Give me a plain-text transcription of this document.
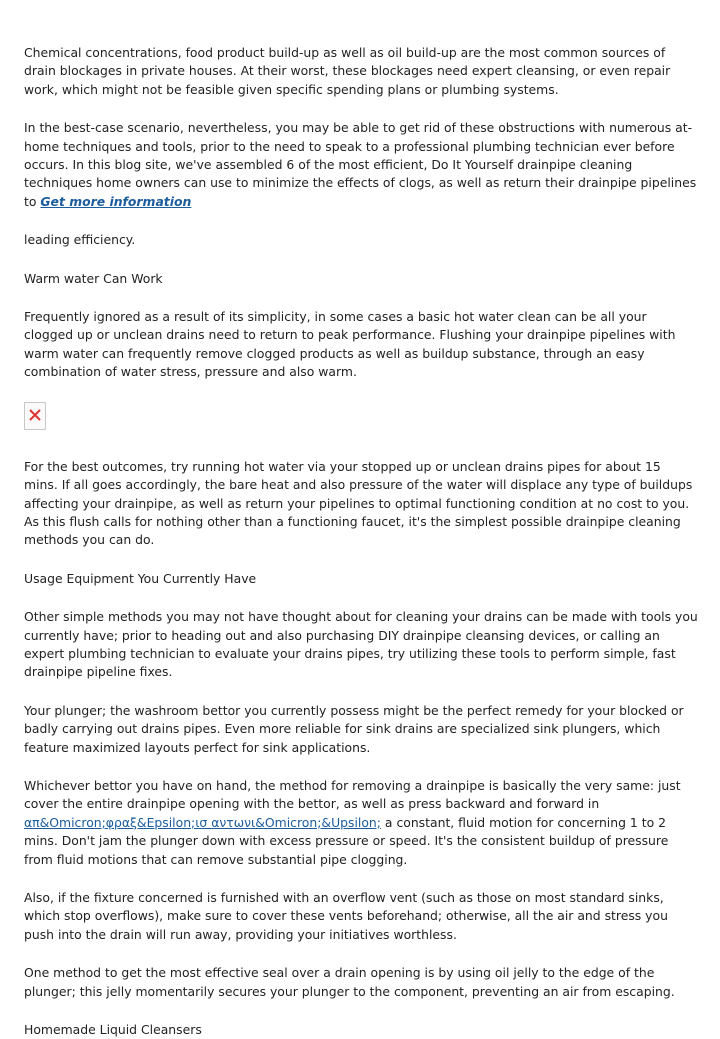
Chemical concentrations, food product build-up as well as oil build-up are the most common sources of drain blockages in private houses. At their worst, these blockages need expert cleansing, or even repair work, which might not be feasible given specific spending plans or plumbing systems.

In the best-case scenario, nevertheless, you may be able to get rid of these obstructions with numerous at-home techniques and tools, prior to the need to speak to a professional plumbing technician ever before occurs. In this blog site, we've assembled 6 of the most efficient, Do It Yourself drainpipe cleaning techniques home owners can use to minimize the effects of clogs, as well as return their drainpipe pipelines to Get more information

leading efficiency.

Warm water Can Work

Frequently ignored as a result of its simplicity, in some cases a basic hot water clean can be all your clogged up or unclean drains need to return to peak performance. Flushing your drainpipe pipelines with warm water can frequently remove clogged products as well as buildup substance, through an easy combination of water stress, pressure and also warm.

For the best outcomes, try running hot water via your stopped up or unclean drains pipes for about 15 mins. If all goes accordingly, the bare heat and also pressure of the water will displace any type of buildups affecting your drainpipe, as well as return your pipelines to optimal functioning condition at no cost to you. As this flush calls for nothing other than a functioning faucet, it's the simplest possible drainpipe cleaning methods you can do.

Usage Equipment You Currently Have

Other simple methods you may not have thought about for cleaning your drains can be made with tools you currently have; prior to heading out and also purchasing DIY drainpipe cleansing devices, or calling an expert plumbing technician to evaluate your drains pipes, try utilizing these tools to perform simple, fast drainpipe pipeline fixes.

Your plunger; the washroom bettor you currently possess might be the perfect remedy for your blocked or badly carrying out drains pipes. Even more reliable for sink drains are specialized sink plungers, which feature maximized layouts perfect for sink applications.

Whichever bettor you have on hand, the method for removing a drainpipe is basically the very same: just cover the entire drainpipe opening with the bettor, as well as press backward and forward in απ&Omicron;φραξ&Epsilon;ισ αντωνι&Omicron;&Upsilon; a constant, fluid motion for concerning 1 to 2 mins. Don't jam the plunger down with excess pressure or speed. It's the consistent buildup of pressure from fluid motions that can remove substantial pipe clogging.

Also, if the fixture concerned is furnished with an overflow vent (such as those on most standard sinks, which stop overflows), make sure to cover these vents beforehand; otherwise, all the air and stress you push into the drain will run away, providing your initiatives worthless.

One method to get the most effective seal over a drain opening is by using oil jelly to the edge of the plunger; this jelly momentarily secures your plunger to the component, preventing an air from escaping.

Homemade Liquid Cleansers
